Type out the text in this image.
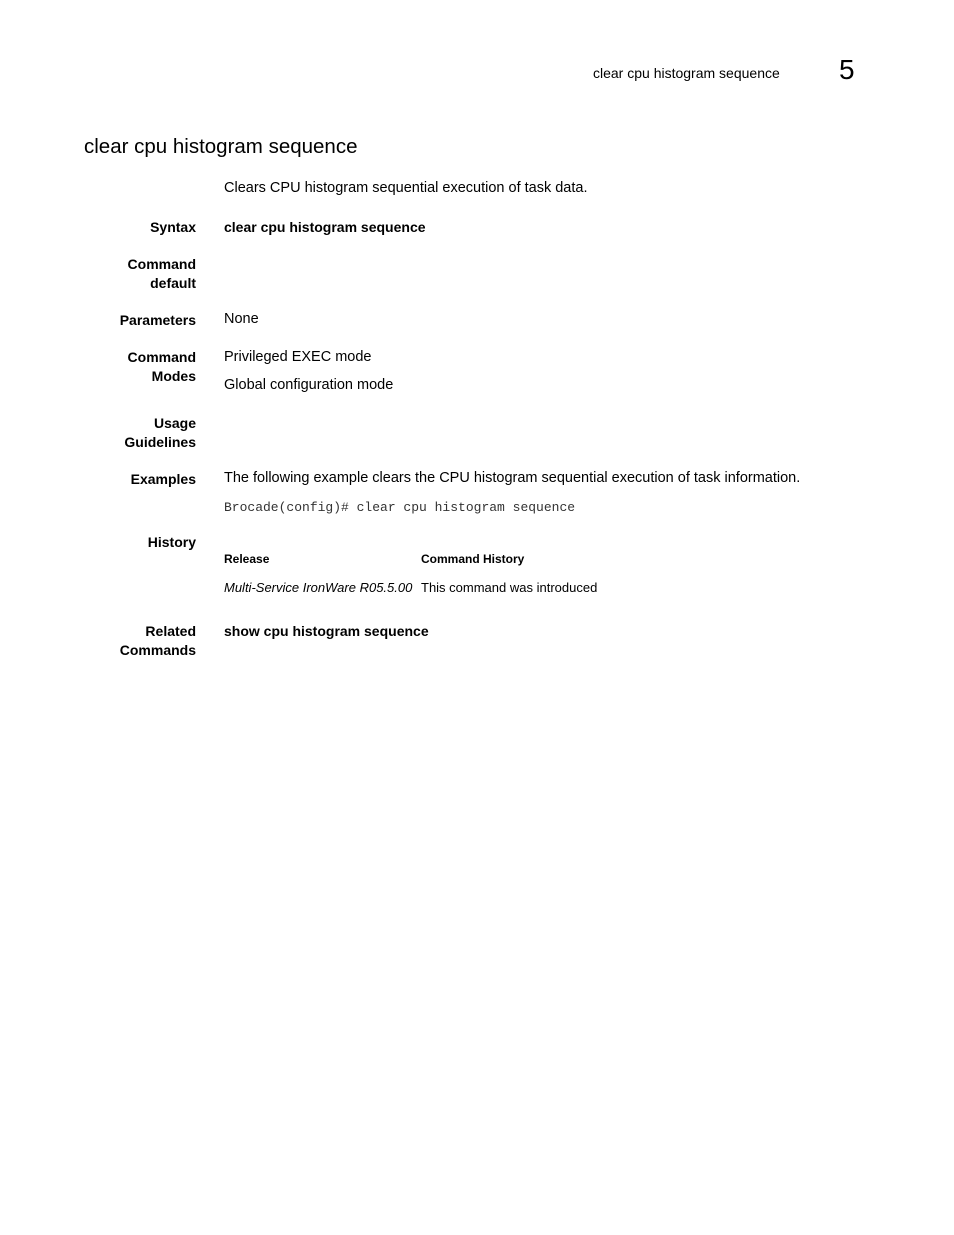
clear cpu histogram sequence 5
clear cpu histogram sequence
Clears CPU histogram sequential execution of task data.
Syntax clear cpu histogram sequence
Command
default
Parameters None
Command
Modes
Privileged EXEC mode
Global configuration mode
Usage
Guidelines
Examples The following example clears the CPU histogram sequential execution of task information.
Brocade(config)# clear cpu histogram sequence
History
Release	Command History
Multi-Service IronWare R05.5.00 This command was introduced
Related
Commands
show cpu histogram sequence
